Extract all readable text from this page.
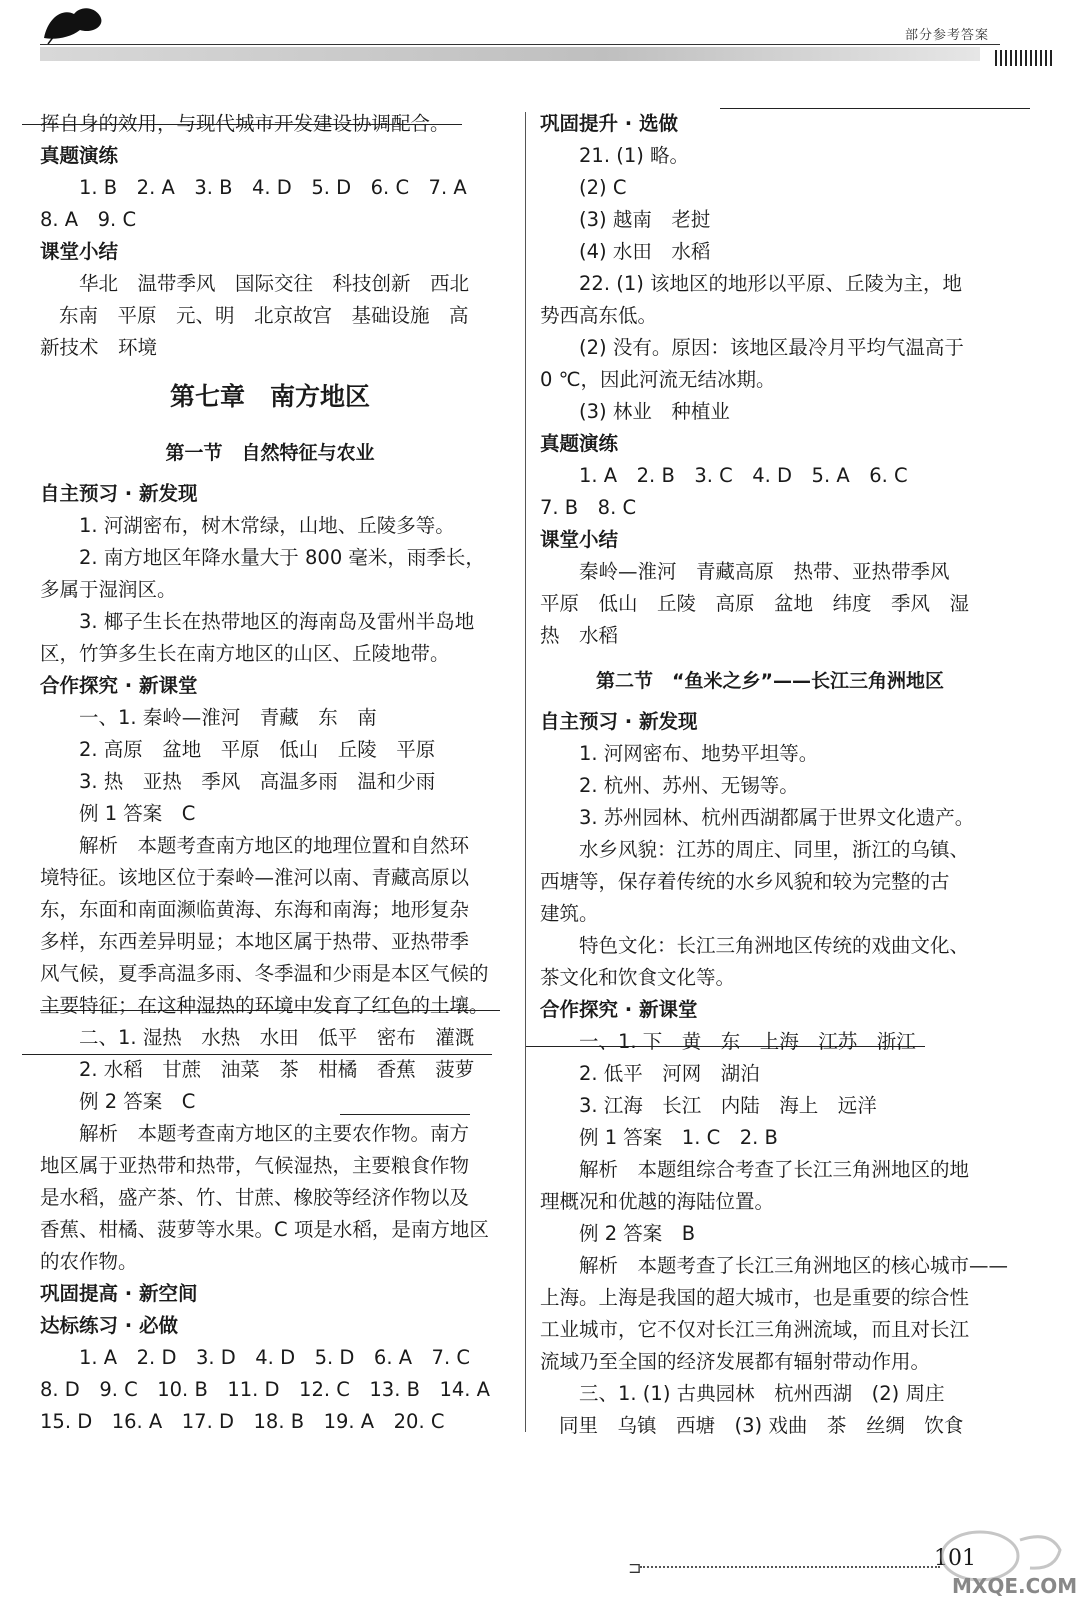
部分参考答案
挥自身的效用，与现代城市开发建设协调配合。
真题演练
1. B　2. A　3. B　4. D　5. D　6. C　7. A
8. A　9. C
课堂小结
华北　温带季风　国际交往　科技创新　西北
东南　平原　元、明　北京故宫　基础设施　高
新技术　环境
第七章　南方地区
第一节　自然特征与农业
自主预习 · 新发现
1. 河湖密布，树木常绿，山地、丘陵多等。
2. 南方地区年降水量大于 800 毫米，雨季长，
多属于湿润区。
3. 椰子生长在热带地区的海南岛及雷州半岛地
区，竹笋多生长在南方地区的山区、丘陵地带。
合作探究 · 新课堂
一、1. 秦岭—淮河　青藏　东　南
2. 高原　盆地　平原　低山　丘陵　平原
3. 热　亚热　季风　高温多雨　温和少雨
例 1 答案　C
解析　本题考查南方地区的地理位置和自然环
境特征。该地区位于秦岭—淮河以南、青藏高原以
东，东面和南面濒临黄海、东海和南海；地形复杂
多样，东西差异明显；本地区属于热带、亚热带季
风气候，夏季高温多雨、冬季温和少雨是本区气候的
主要特征；在这种湿热的环境中发育了红色的土壤。
二、1. 湿热　水热　水田　低平　密布　灌溉
2. 水稻　甘蔗　油菜　茶　柑橘　香蕉　菠萝
例 2 答案　C
解析　本题考查南方地区的主要农作物。南方
地区属于亚热带和热带，气候湿热，主要粮食作物
是水稻，盛产茶、竹、甘蔗、橡胶等经济作物以及
香蕉、柑橘、菠萝等水果。C 项是水稻，是南方地区
的农作物。
巩固提高 · 新空间
达标练习 · 必做
1. A　2. D　3. D　4. D　5. D　6. A　7. C
8. D　9. C　10. B　11. D　12. C　13. B　14. A
15. D　16. A　17. D　18. B　19. A　20. C
巩固提升 · 选做
21. (1) 略。
(2) C
(3) 越南　老挝
(4) 水田　水稻
22. (1) 该地区的地形以平原、丘陵为主，地
势西高东低。
(2) 没有。原因：该地区最冷月平均气温高于
0 ℃，因此河流无结冰期。
(3) 林业　种植业
真题演练
1. A　2. B　3. C　4. D　5. A　6. C
7. B　8. C
课堂小结
秦岭—淮河　青藏高原　热带、亚热带季风
平原　低山　丘陵　高原　盆地　纬度　季风　湿
热　水稻
第二节　“鱼米之乡”——长江三角洲地区
自主预习 · 新发现
1. 河网密布、地势平坦等。
2. 杭州、苏州、无锡等。
3. 苏州园林、杭州西湖都属于世界文化遗产。
水乡风貌：江苏的周庄、同里，浙江的乌镇、
西塘等，保存着传统的水乡风貌和较为完整的古
建筑。
特色文化：长江三角洲地区传统的戏曲文化、
茶文化和饮食文化等。
合作探究 · 新课堂
一、1. 下　黄　东　上海　江苏　浙江
2. 低平　河网　湖泊
3. 江海　长江　内陆　海上　远洋
例 1 答案　1. C　2. B
解析　本题组综合考查了长江三角洲地区的地
理概况和优越的海陆位置。
例 2 答案　B
解析　本题考查了长江三角洲地区的核心城市——
上海。上海是我国的超大城市，也是重要的综合性
工业城市，它不仅对长江三角洲流域，而且对长江
流域乃至全国的经济发展都有辐射带动作用。
三、1. (1) 古典园林　杭州西湖　(2) 周庄
同里　乌镇　西塘　(3) 戏曲　茶　丝绸　饮食
⊐	101
MXQE.COM
